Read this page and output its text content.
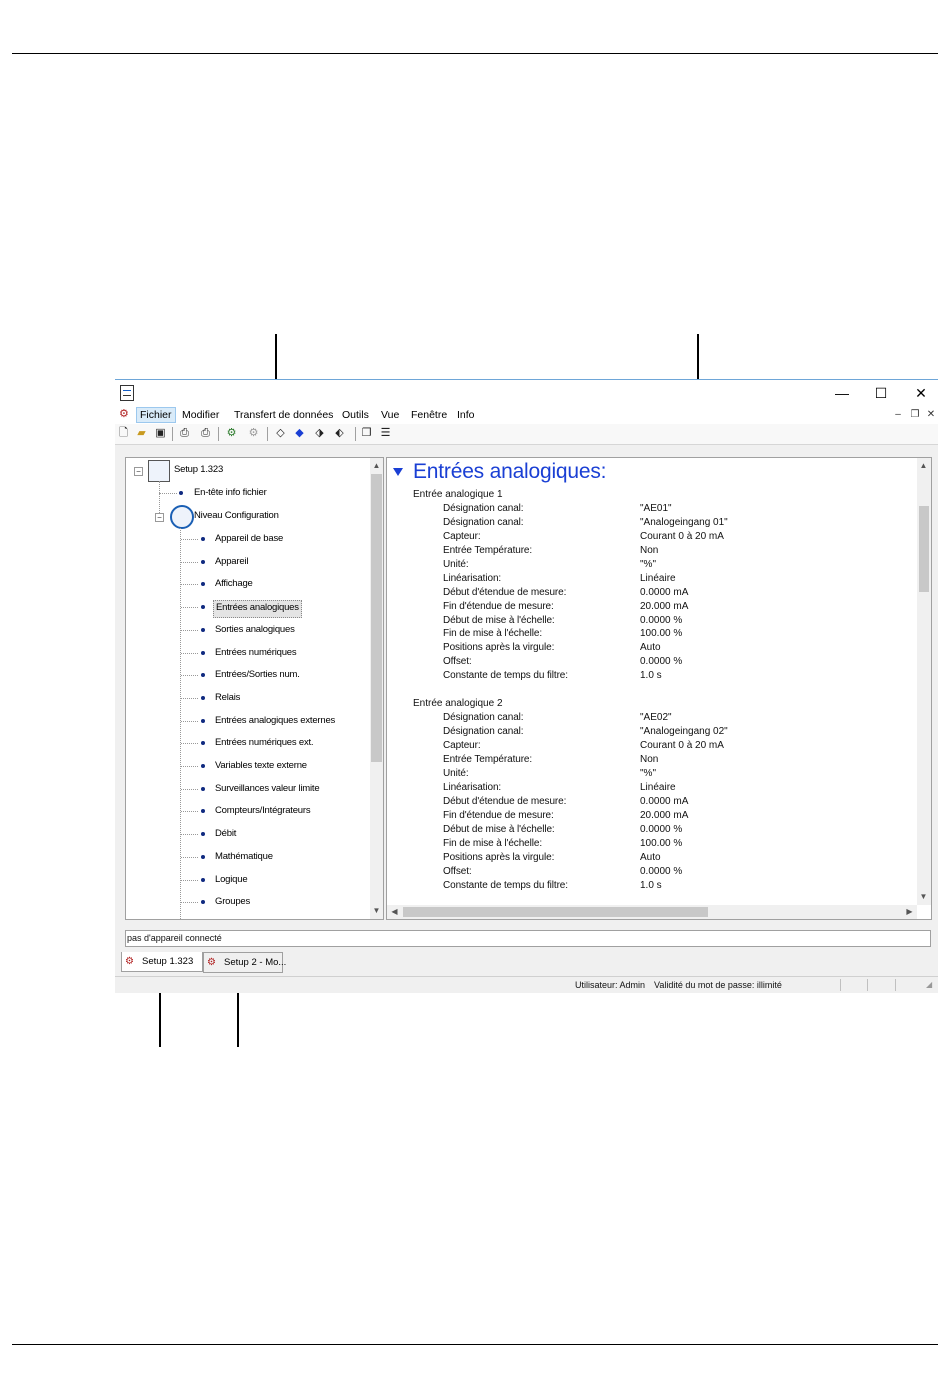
—	☐	✕
⚙	Fichier Modifier Transfert de données Outils Vue Fenêtre Info	– ❐ ✕
🗋 ▰ ▣ ⎙ ⎙ ⚙ ⚙ ◇ ◆ ⬗ ⬖ ❐ ☰
−	Setup 1.323
En-tête info fichier
−	Niveau Configuration
Appareil de base
Appareil
Affichage
Entrées analogiques
Sorties analogiques
Entrées numériques
Entrées/Sorties num.
Relais
Entrées analogiques externes
Entrées numériques ext.
Variables texte externe
Surveillances valeur limite
Compteurs/Intégrateurs
Débit
Mathématique
Logique
Groupes
▲
▼
Entrées analogiques:
Entrée analogique 1
Désignation canal:	"AE01"
Désignation canal:	"Analogeingang 01"
Capteur:	Courant 0 à 20 mA
Entrée Température:	Non
Unité:	"%"
Linéarisation:	Linéaire
Début d'étendue de mesure:	0.0000 mA
Fin d'étendue de mesure:	20.000 mA
Début de mise à l'échelle:	0.0000 %
Fin de mise à l'échelle:	100.00 %
Positions après la virgule:	Auto
Offset:	0.0000 %
Constante de temps du filtre:	1.0 s
Entrée analogique 2
Désignation canal:	"AE02"
Désignation canal:	"Analogeingang 02"
Capteur:	Courant 0 à 20 mA
Entrée Température:	Non
Unité:	"%"
Linéarisation:	Linéaire
Début d'étendue de mesure:	0.0000 mA
Fin d'étendue de mesure:	20.000 mA
Début de mise à l'échelle:	0.0000 %
Fin de mise à l'échelle:	100.00 %
Positions après la virgule:	Auto
Offset:	0.0000 %
Constante de temps du filtre:	1.0 s
▲
▼
◀	▶
pas d'appareil connecté
⚙ Setup 1.323	⚙ Setup 2 - Mo...
Utilisateur: Admin Validité du mot de passe: illimité	◢
